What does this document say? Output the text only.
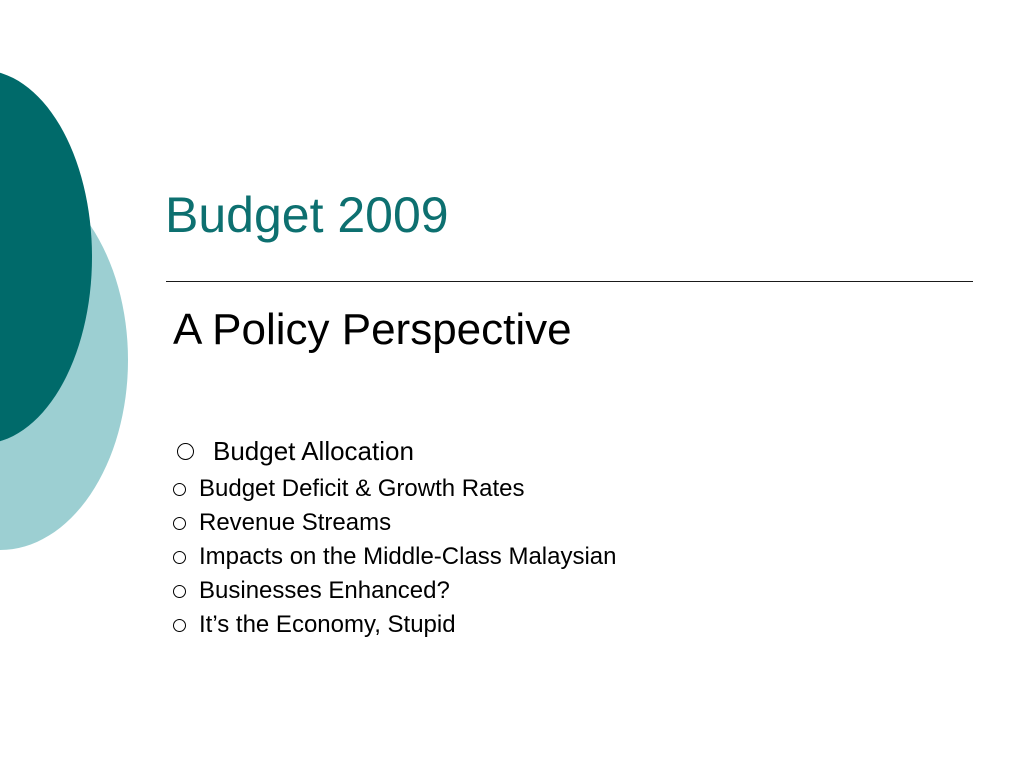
Budget 2009
A Policy Perspective
Budget Allocation
Budget Deficit & Growth Rates
Revenue Streams
Impacts on the Middle-Class Malaysian
Businesses Enhanced?
It’s the Economy, Stupid
